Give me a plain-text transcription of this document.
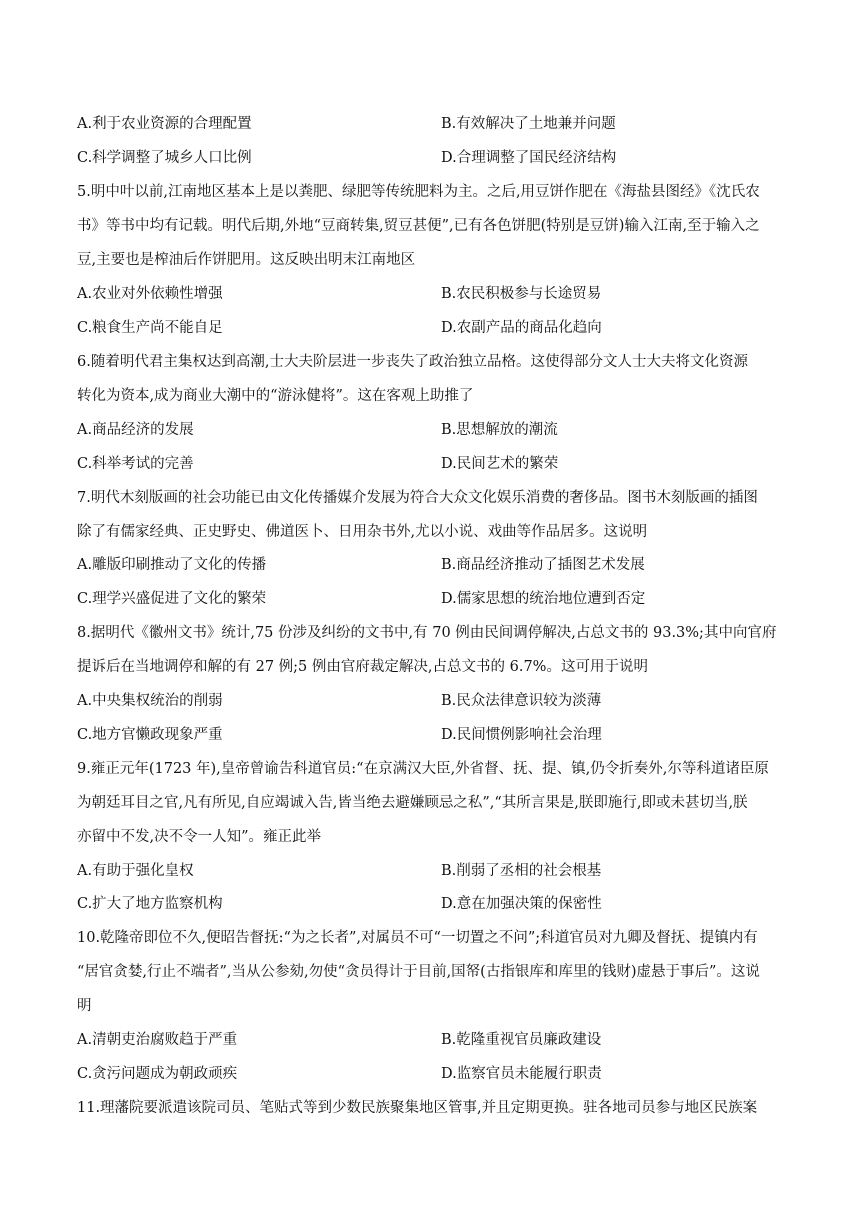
A.利于农业资源的合理配置	B.有效解决了土地兼并问题
C.科学调整了城乡人口比例	D.合理调整了国民经济结构
5.明中叶以前,江南地区基本上是以粪肥、绿肥等传统肥料为主。之后,用豆饼作肥在《海盐县图经》《沈氏农
书》等书中均有记载。明代后期,外地“豆商转集,贸豆甚便”,已有各色饼肥(特别是豆饼)输入江南,至于输入之
豆,主要也是榨油后作饼肥用。这反映出明末江南地区
A.农业对外依赖性增强	B.农民积极参与长途贸易
C.粮食生产尚不能自足	D.农副产品的商品化趋向
6.随着明代君主集权达到高潮,士大夫阶层进一步丧失了政治独立品格。这使得部分文人士大夫将文化资源
转化为资本,成为商业大潮中的“游泳健将”。这在客观上助推了
A.商品经济的发展	B.思想解放的潮流
C.科举考试的完善	D.民间艺术的繁荣
7.明代木刻版画的社会功能已由文化传播媒介发展为符合大众文化娱乐消费的奢侈品。图书木刻版画的插图
除了有儒家经典、正史野史、佛道医卜、日用杂书外,尤以小说、戏曲等作品居多。这说明
A.雕版印刷推动了文化的传播	B.商品经济推动了插图艺术发展
C.理学兴盛促进了文化的繁荣	D.儒家思想的统治地位遭到否定
8.据明代《徽州文书》统计,75 份涉及纠纷的文书中,有 70 例由民间调停解决,占总文书的 93.3%;其中向官府
提诉后在当地调停和解的有 27 例;5 例由官府裁定解决,占总文书的 6.7%。这可用于说明
A.中央集权统治的削弱	B.民众法律意识较为淡薄
C.地方官懒政现象严重	D.民间惯例影响社会治理
9.雍正元年(1723 年),皇帝曾谕告科道官员:“在京满汉大臣,外省督、抚、提、镇,仍令折奏外,尔等科道诸臣原
为朝廷耳目之官,凡有所见,自应竭诚入告,皆当绝去避嫌顾忌之私”,“其所言果是,朕即施行,即或未甚切当,朕
亦留中不发,决不令一人知”。雍正此举
A.有助于强化皇权	B.削弱了丞相的社会根基
C.扩大了地方监察机构	D.意在加强决策的保密性
10.乾隆帝即位不久,便昭告督抚:“为之长者”,对属员不可“一切置之不问”;科道官员对九卿及督抚、提镇内有
“居官贪婪,行止不端者”,当从公参劾,勿使“贪员得计于目前,国帑(古指银库和库里的钱财)虚悬于事后”。这说
明
A.清朝吏治腐败趋于严重	B.乾隆重视官员廉政建设
C.贪污问题成为朝政顽疾	D.监察官员未能履行职责
11.理藩院要派遣该院司员、笔贴式等到少数民族聚集地区管事,并且定期更换。驻各地司员参与地区民族案
